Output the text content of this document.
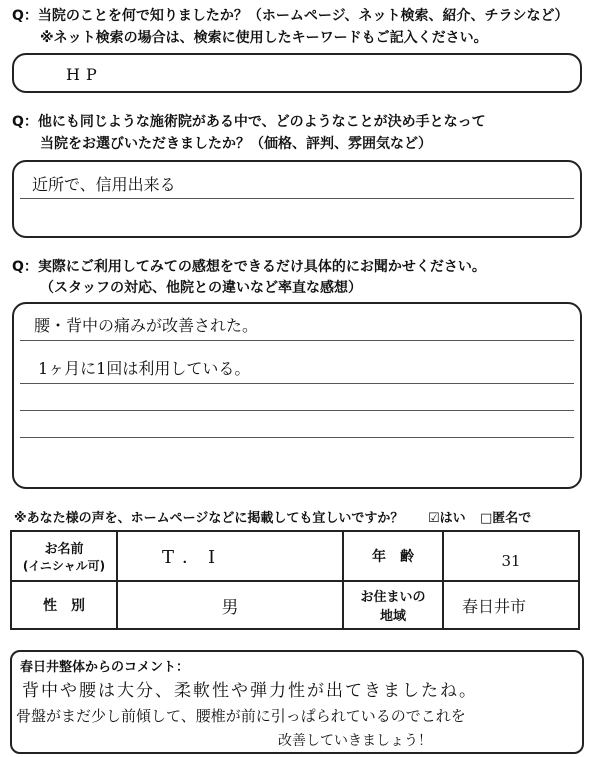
Q：当院のことを何で知りましたか？（ホームページ、ネット検索、紹介、チラシなど）
※ネット検索の場合は、検索に使用したキーワードもご記入ください。
HP
Q：他にも同じような施術院がある中で、どのようなことが決め手となって
当院をお選びいただきましたか？（価格、評判、雰囲気など）
近所で、信用出来る
Q：実際にご利用してみての感想をできるだけ具体的にお聞かせください。
（スタッフの対応、他院との違いなど率直な感想）
腰・背中の痛みが改善された。
1ヶ月に1回は利用している。
※あなた様の声を、ホームページなどに掲載しても宜しいですか？ ☑はい □匿名で
お名前
(イニシャル可)	T．I	年　齢	31
性　別	男	お住まいの
地域	春日井市
春日井整体からのコメント：
背中や腰は大分、柔軟性や弾力性が出てきましたね。
骨盤がまだ少し前傾して、腰椎が前に引っぱられているのでこれを
改善していきましょう！
